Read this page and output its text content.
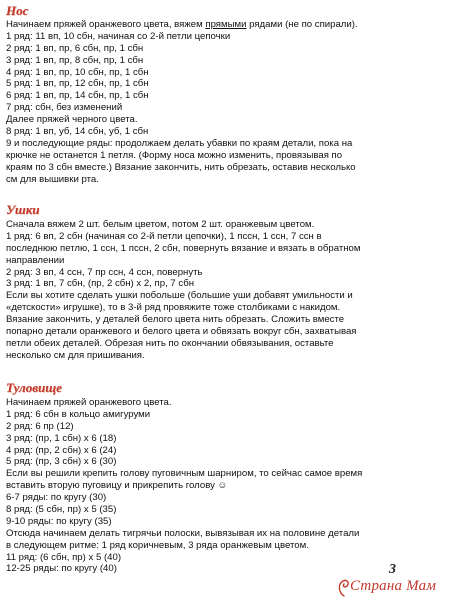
Нос
Начинаем пряжей оранжевого цвета, вяжем прямыми рядами (не по спирали).
1 ряд: 11 вп, 10 сбн, начиная со 2-й петли цепочки
2 ряд: 1 вп, пр, 6 сбн, пр, 1 сбн
3 ряд: 1 вп, пр, 8 сбн, пр, 1 сбн
4 ряд: 1 вп, пр, 10 сбн, пр, 1 сбн
5 ряд: 1 вп, пр, 12 сбн, пр, 1 сбн
6 ряд: 1 вп, пр, 14 сбн, пр, 1 сбн
7 ряд: сбн, без изменений
Далее пряжей черного цвета.
8 ряд: 1 вп, уб, 14 сбн, уб, 1 сбн
9 и последующие ряды: продолжаем делать убавки по краям детали, пока на
крючке не останется 1 петля. (Форму носа можно изменить, провязывая по
краям по 3 сбн вместе.) Вязание закончить, нить обрезать, оставив несколько
см для вышивки рта.
Ушки
Сначала вяжем 2 шт. белым цветом, потом 2 шт. оранжевым цветом.
1 ряд: 6 вп, 2 сбн (начиная со 2-й петли цепочки), 1 пссн, 1 ссн, 7 ссн в
последнюю петлю, 1 ссн, 1 пссн, 2 сбн, повернуть вязание и вязать в обратном
направлении
2 ряд: 3 вп, 4 ссн, 7 пр ссн, 4 ссн, повернуть
3 ряд: 1 вп, 7 сбн, (пр, 2 сбн) х 2, пр, 7 сбн
Если вы хотите сделать ушки побольше (большие уши добавят умильности и
«детскости» игрушке), то в 3-й ряд провяжите тоже столбиками с накидом.
Вязание закончить, у деталей белого цвета нить обрезать. Сложить вместе
попарно детали оранжевого и белого цвета и обвязать вокруг сбн, захватывая
петли обеих деталей. Обрезая нить по окончании обвязывания, оставьте
несколько см для пришивания.
Туловище
Начинаем пряжей оранжевого цвета.
1 ряд: 6 сбн в кольцо амигуруми
2 ряд: 6 пр (12)
3 ряд: (пр, 1 сбн) х 6 (18)
4 ряд: (пр, 2 сбн) х 6 (24)
5 ряд: (пр, 3 сбн) х 6 (30)
Если вы решили крепить голову пуговичным шарниром, то сейчас самое время
вставить вторую пуговицу и прикрепить голову ☺
6-7 ряды: по кругу (30)
8 ряд: (5 сбн, пр) х 5 (35)
9-10 ряды: по кругу (35)
Отсюда начинаем делать тигрячьи полоски, вывязывая их на половине детали
в следующем ритме: 1 ряд коричневым, 3 ряда оранжевым цветом.
11 ряд: (6 сбн, пр) х 5 (40)
12-25 ряды: по кругу (40)	3
Страна Мам
